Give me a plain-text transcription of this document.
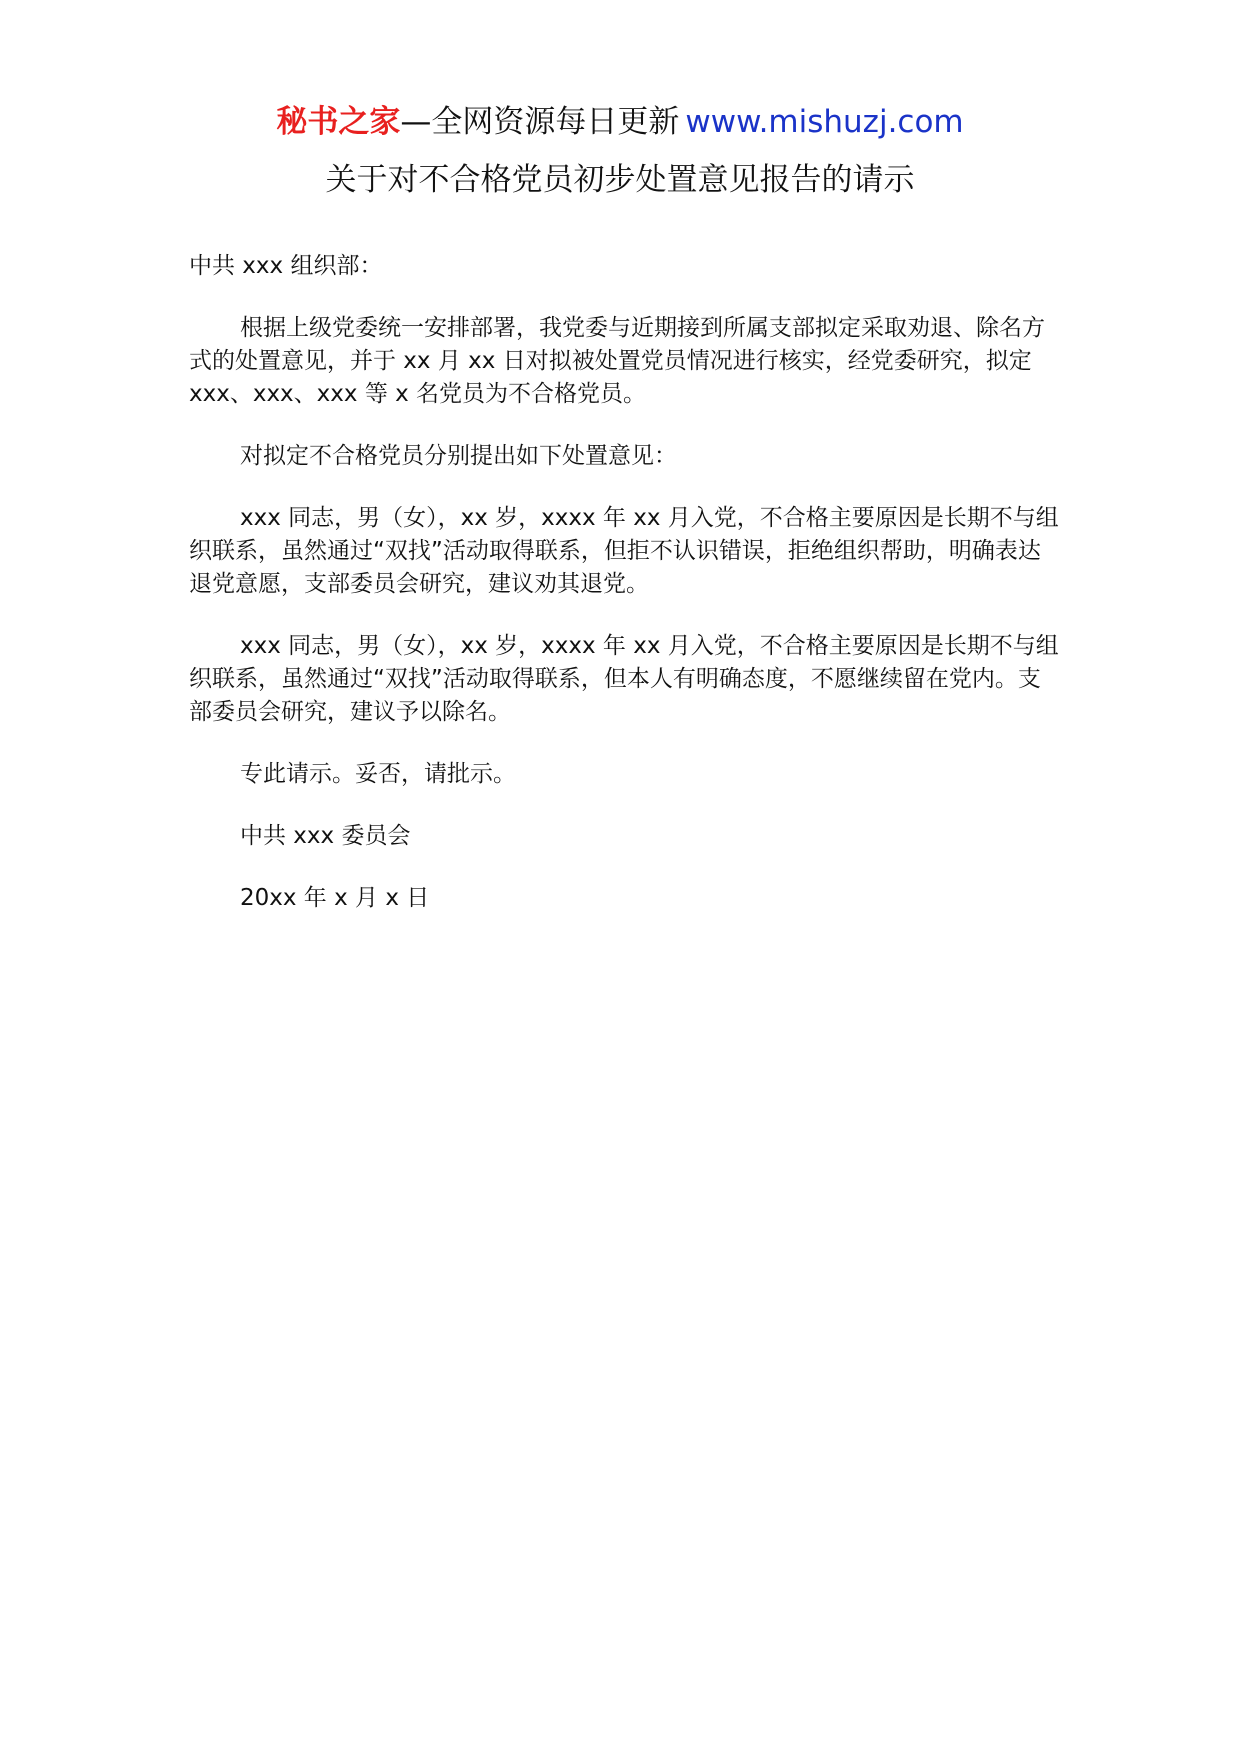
秘书之家—全网资源每日更新 www.mishuzj.com
关于对不合格党员初步处置意见报告的请示

中共 xxx 组织部：

根据上级党委统一安排部署，我党委与近期接到所属支部拟定采取劝退、除名方式的处置意见，并于 xx 月 xx 日对拟被处置党员情况进行核实，经党委研究，拟定 xxx、xxx、xxx 等 x 名党员为不合格党员。

对拟定不合格党员分别提出如下处置意见：

xxx 同志，男（女），xx 岁，xxxx 年 xx 月入党，不合格主要原因是长期不与组织联系，虽然通过“双找”活动取得联系，但拒不认识错误，拒绝组织帮助，明确表达退党意愿，支部委员会研究，建议劝其退党。

xxx 同志，男（女），xx 岁，xxxx 年 xx 月入党，不合格主要原因是长期不与组织联系，虽然通过“双找”活动取得联系，但本人有明确态度，不愿继续留在党内。支部委员会研究，建议予以除名。

专此请示。妥否，请批示。

中共 xxx 委员会

20xx 年 x 月 x 日
